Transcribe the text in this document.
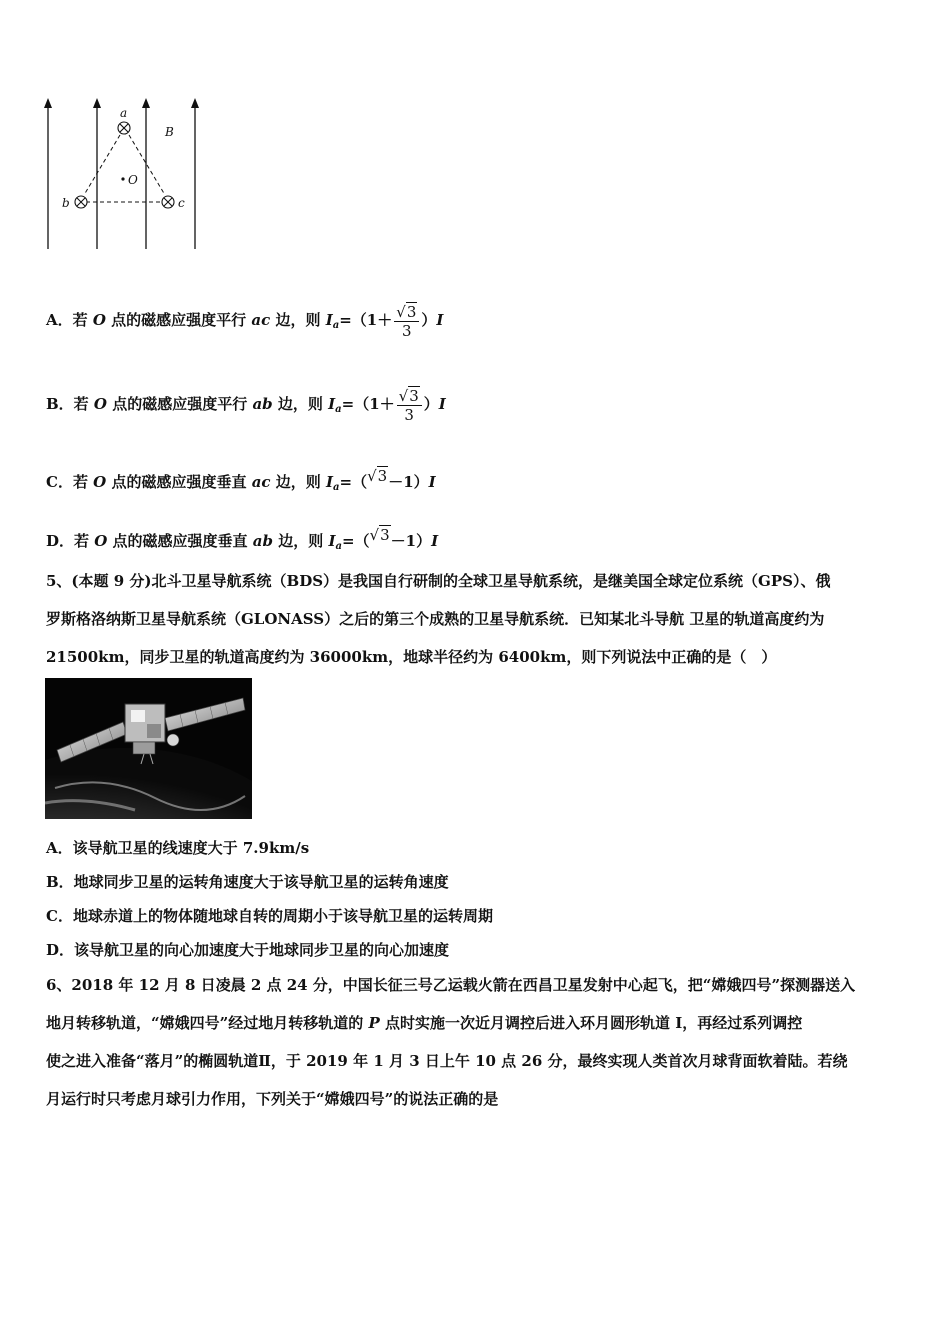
a
b	c
O
B
A．若 O 点的磁感应强度平行 ac 边，则 $I_a=(1+ \frac{√3}{3} )I$
B．若 O 点的磁感应强度平行 ab 边，则 $I_a=(1+ \frac{√3}{3} )I$
C．若 O 点的磁感应强度垂直 ac 边，则 $I_a=(√3-1)I$
D．若 O 点的磁感应强度垂直 ab 边，则 $I_a=(√3-1)I$
5、(本题 9 分)北斗卫星导航系统（BDS）是我国自行研制的全球卫星导航系统，是继美国全球定位系统（GPS）、俄
罗斯格洛纳斯卫星导航系统（GLONASS）之后的第三个成熟的卫星导航系统．已知某北斗导航 卫星的轨道高度约为
21500km，同步卫星的轨道高度约为 36000km，地球半径约为 6400km，则下列说法中正确的是（　）
A．该导航卫星的线速度大于 7.9km/s
B．地球同步卫星的运转角速度大于该导航卫星的运转角速度
C．地球赤道上的物体随地球自转的周期小于该导航卫星的运转周期
D．该导航卫星的向心加速度大于地球同步卫星的向心加速度
6、2018 年 12 月 8 日凌晨 2 点 24 分，中国长征三号乙运载火箭在西昌卫星发射中心起飞，把“嫦娥四号”探测器送入
地月转移轨道，“嫦娥四号”经过地月转移轨道的 P 点时实施一次近月调控后进入环月圆形轨道 I，再经过系列调控
使之进入准备“落月”的椭圆轨道Ⅱ，于 2019 年 1 月 3 日上午 10 点 26 分，最终实现人类首次月球背面软着陆。若绕
月运行时只考虑月球引力作用，下列关于“嫦娥四号”的说法正确的是
